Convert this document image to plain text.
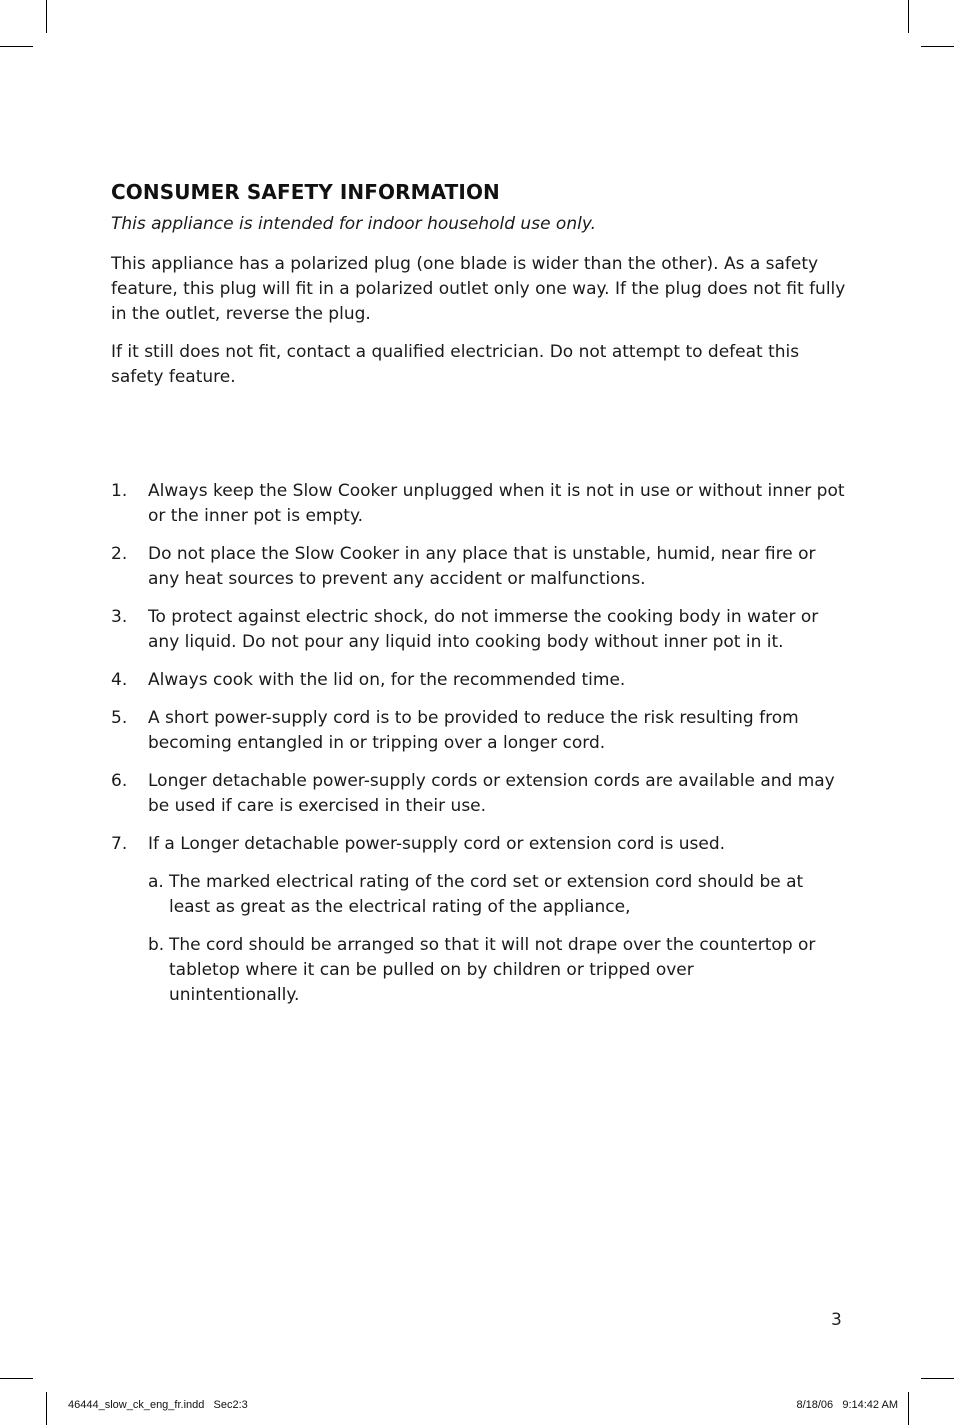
CONSUMER SAFETY INFORMATION

This appliance is intended for indoor household use only.

This appliance has a polarized plug (one blade is wider than the other). As a safety feature, this plug will fit in a polarized outlet only one way. If the plug does not fit fully in the outlet, reverse the plug.

If it still does not fit, contact a qualified electrician. Do not attempt to defeat this safety feature.

1. Always keep the Slow Cooker unplugged when it is not in use or without inner pot or the inner pot is empty.
2. Do not place the Slow Cooker in any place that is unstable, humid, near fire or any heat sources to prevent any accident or malfunctions.
3. To protect against electric shock, do not immerse the cooking body in water or any liquid. Do not pour any liquid into cooking body without inner pot in it.
4. Always cook with the lid on, for the recommended time.
5. A short power-supply cord is to be provided to reduce the risk resulting from becoming entangled in or tripping over a longer cord.
6. Longer detachable power-supply cords or extension cords are available and may be used if care is exercised in their use.
7. If a Longer detachable power-supply cord or extension cord is used.
a. The marked electrical rating of the cord set or extension cord should be at least as great as the electrical rating of the appliance,
b. The cord should be arranged so that it will not drape over the countertop or tabletop where it can be pulled on by children or tripped over unintentionally.
3
46444_slow_ck_eng_fr.indd   Sec2:3	8/18/06   9:14:42 AM
